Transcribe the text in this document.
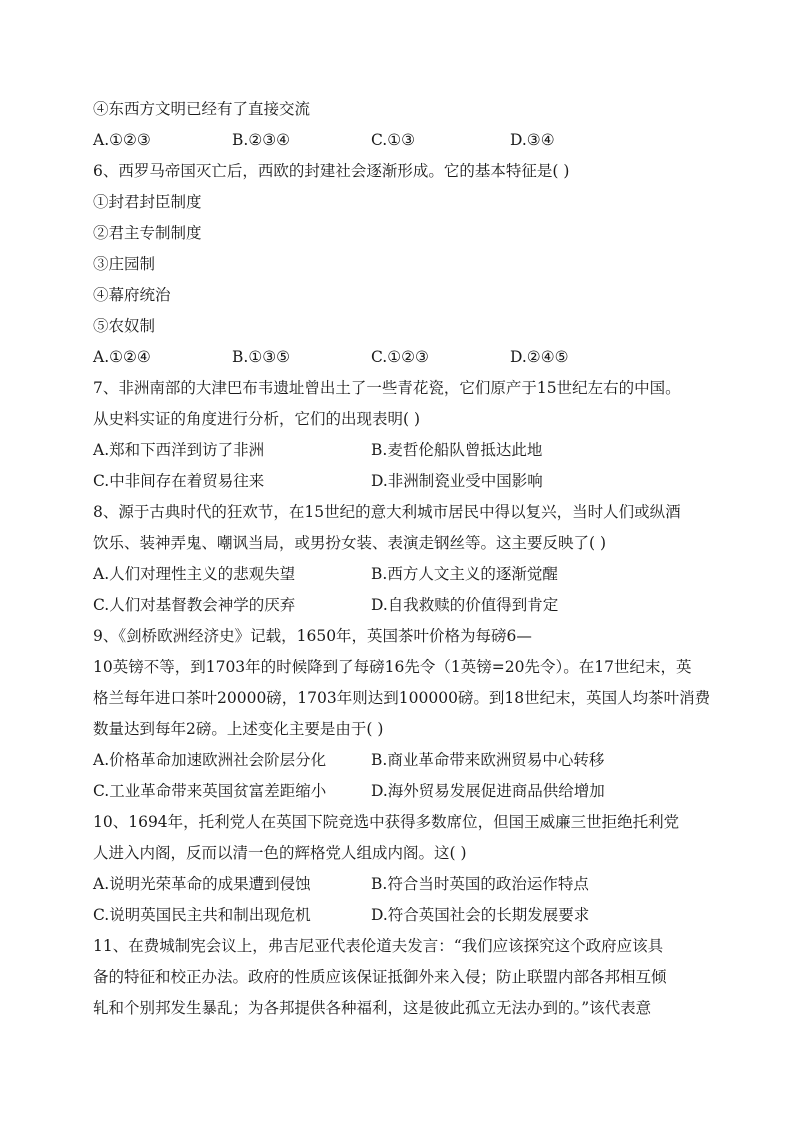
④东西方文明已经有了直接交流
A.①②③	B.②③④	C.①③	D.③④
6、西罗马帝国灭亡后，西欧的封建社会逐渐形成。它的基本特征是( )
①封君封臣制度
②君主专制制度
③庄园制
④幕府统治
⑤农奴制
A.①②④	B.①③⑤	C.①②③	D.②④⑤
7、非洲南部的大津巴布韦遗址曾出土了一些青花瓷，它们原产于15世纪左右的中国。
从史料实证的角度进行分析，它们的出现表明( )
A.郑和下西洋到访了非洲	B.麦哲伦船队曾抵达此地
C.中非间存在着贸易往来	D.非洲制瓷业受中国影响
8、源于古典时代的狂欢节，在15世纪的意大利城市居民中得以复兴，当时人们或纵酒
饮乐、装神弄鬼、嘲讽当局，或男扮女装、表演走钢丝等。这主要反映了( )
A.人们对理性主义的悲观失望	B.西方人文主义的逐渐觉醒
C.人们对基督教会神学的厌弃	D.自我救赎的价值得到肯定
9、《剑桥欧洲经济史》记载，1650年，英国茶叶价格为每磅6—
10英镑不等，到1703年的时候降到了每磅16先令（1英镑=20先令）。在17世纪末，英
格兰每年进口茶叶20000磅，1703年则达到100000磅。到18世纪末，英国人均茶叶消费
数量达到每年2磅。上述变化主要是由于( )
A.价格革命加速欧洲社会阶层分化	B.商业革命带来欧洲贸易中心转移
C.工业革命带来英国贫富差距缩小	D.海外贸易发展促进商品供给增加
10、1694年，托利党人在英国下院竞选中获得多数席位，但国王威廉三世拒绝托利党
人进入内阁，反而以清一色的辉格党人组成内阁。这( )
A.说明光荣革命的成果遭到侵蚀	B.符合当时英国的政治运作特点
C.说明英国民主共和制出现危机	D.符合英国社会的长期发展要求
11、在费城制宪会议上，弗吉尼亚代表伦道夫发言：“我们应该探究这个政府应该具
备的特征和校正办法。政府的性质应该保证抵御外来入侵；防止联盟内部各邦相互倾
轧和个别邦发生暴乱；为各邦提供各种福利，这是彼此孤立无法办到的。”该代表意
